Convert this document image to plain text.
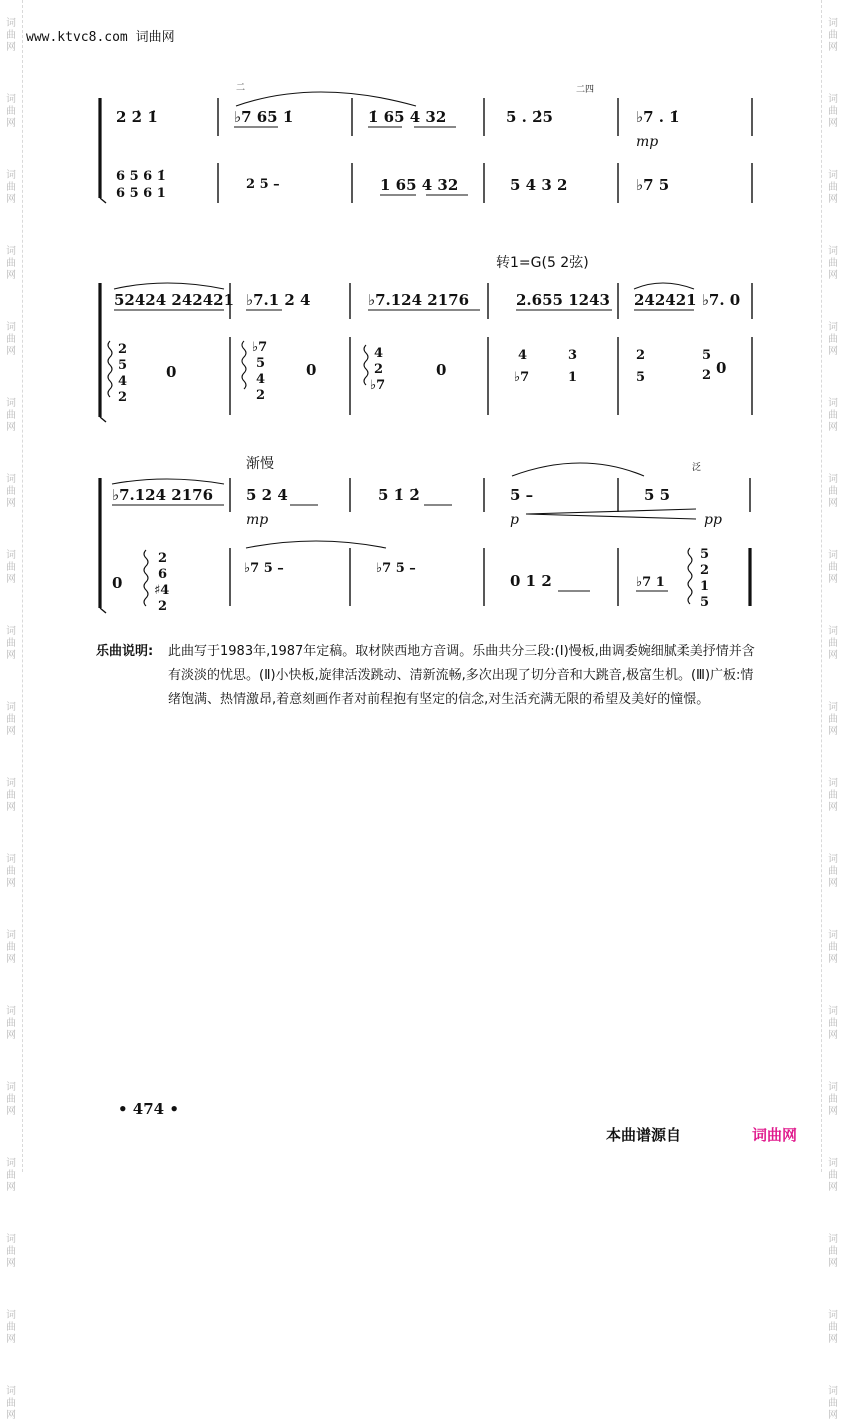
词
曲
网
词
曲
网
词
曲
网
词
曲
网
词
曲
网
词
曲
网
词
曲
网
词
曲
网
词
曲
网
词
曲
网
词
曲
网
词
曲
网
词
曲
网
词
曲
网
词
曲
网
词
曲
网
词
曲
网
词
曲
网
词
曲
网
词
曲
网
词
曲
网
词
曲
网
词
曲
网
词
曲
网
词
曲
网
词
曲
网
词
曲
网
词
曲
网
词
曲
网
词
曲
网
词
曲
网
词
曲
网
词
曲
网
词
曲
网
词
曲
网
词
曲
网
词
曲
网
词
曲
网
www.ktvc8.com 词曲网
二	二四
2 2̇ 1̇	♭7 65 1̇	1̇ 65 4 32	5 . 2̇5	♭7 . 1̇
mp
6 5 6 1̇
6 5 6 1
2 5 –	1 65 4 32	5 4 3 2	♭7 5
转1=G(5 2弦)
52424 242421 ♭7.1 2 4	♭7.124 2176	2.655 1243 242421 ♭7. 0
2
5
4
2
0
♭7
5
4
2
0
4
2
♭7
0
4	3
♭7	1
2	5
5	2 0
渐慢	泛
♭7.124 2176 5 2 4	5 1̇ 2̇	5 –	5 5
mp	p	pp
0
2
6
♯4
2
♭7 5 –	♭7 5 –
0 1 2	♭7 1
5
2
1
5
乐曲说明: 此曲写于1983年,1987年定稿。取材陕西地方音调。乐曲共分三段:(Ⅰ)慢板,曲调委婉细腻柔美抒情并含有淡淡的忧思。(Ⅱ)小快板,旋律活泼跳动、清新流畅,多次出现了切分音和大跳音,极富生机。(Ⅲ)广板:情绪饱满、热情激昂,着意刻画作者对前程抱有坚定的信念,对生活充满无限的希望及美好的憧憬。
• 474 •
本曲谱源自	词曲网
